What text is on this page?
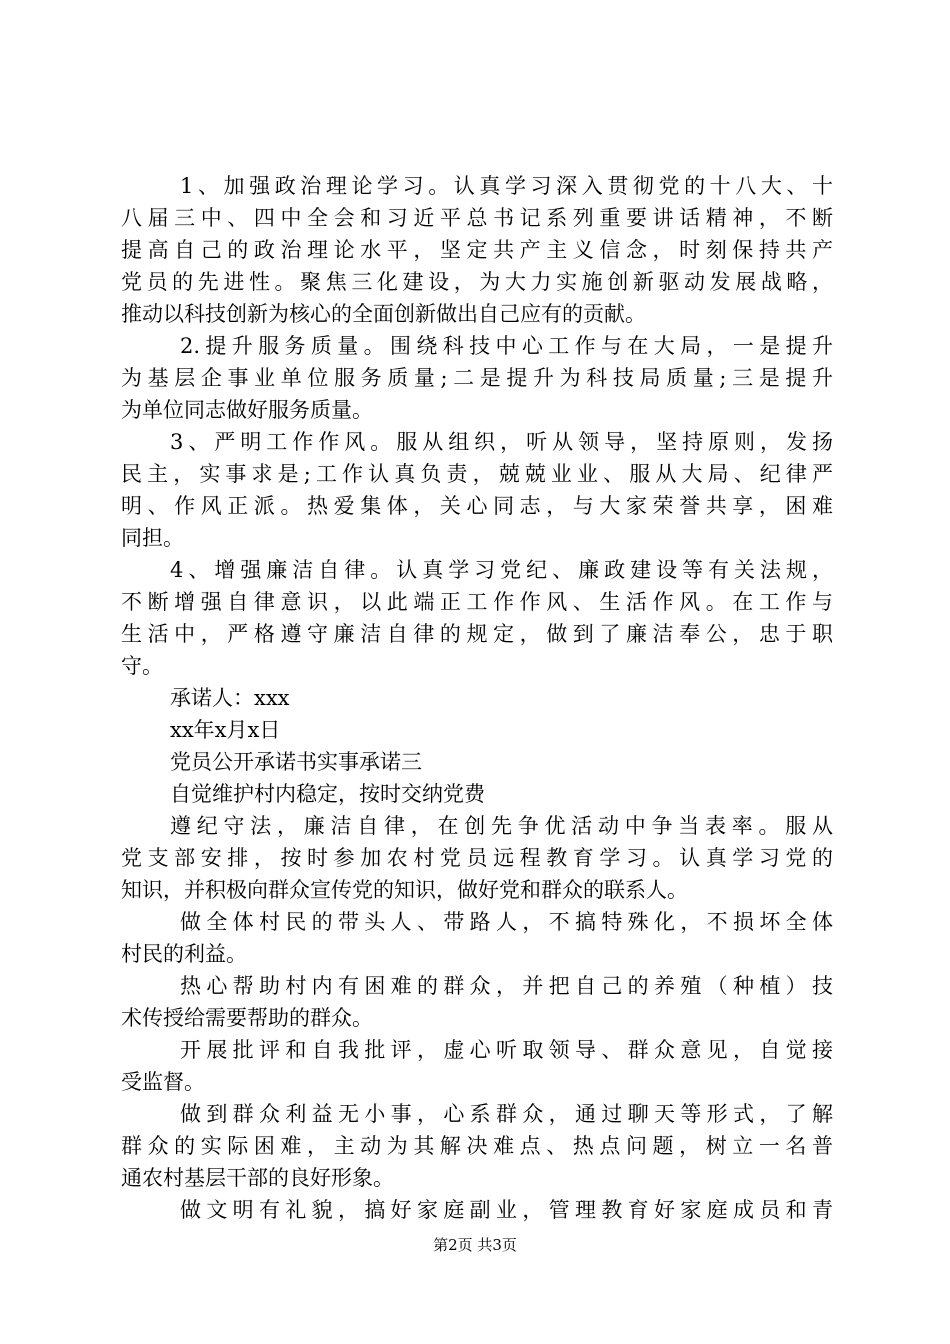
1、加强政治理论学习。认真学习深入贯彻党的十八大、十
八届三中、四中全会和习近平总书记系列重要讲话精神，不断
提高自己的政治理论水平，坚定共产主义信念，时刻保持共产
党员的先进性。聚焦三化建设，为大力实施创新驱动发展战略，
推动以科技创新为核心的全面创新做出自己应有的贡献。
2.提升服务质量。围绕科技中心工作与在大局，一是提升
为基层企事业单位服务质量;二是提升为科技局质量;三是提升
为单位同志做好服务质量。
3、严明工作作风。服从组织，听从领导，坚持原则，发扬
民主，实事求是;工作认真负责，兢兢业业、服从大局、纪律严
明、作风正派。热爱集体，关心同志，与大家荣誉共享，困难
同担。
4、增强廉洁自律。认真学习党纪、廉政建设等有关法规，
不断增强自律意识，以此端正工作作风、生活作风。在工作与
生活中，严格遵守廉洁自律的规定，做到了廉洁奉公，忠于职
守。
承诺人：xxx
xx年x月x日
党员公开承诺书实事承诺三
自觉维护村内稳定，按时交纳党费
遵纪守法，廉洁自律，在创先争优活动中争当表率。服从
党支部安排，按时参加农村党员远程教育学习。认真学习党的
知识，并积极向群众宣传党的知识，做好党和群众的联系人。
做全体村民的带头人、带路人，不搞特殊化，不损坏全体
村民的利益。
热心帮助村内有困难的群众，并把自己的养殖（种植）技
术传授给需要帮助的群众。
开展批评和自我批评，虚心听取领导、群众意见，自觉接
受监督。
做到群众利益无小事，心系群众，通过聊天等形式，了解
群众的实际困难，主动为其解决难点、热点问题，树立一名普
通农村基层干部的良好形象。
做文明有礼貌，搞好家庭副业，管理教育好家庭成员和青
第2页 共3页
